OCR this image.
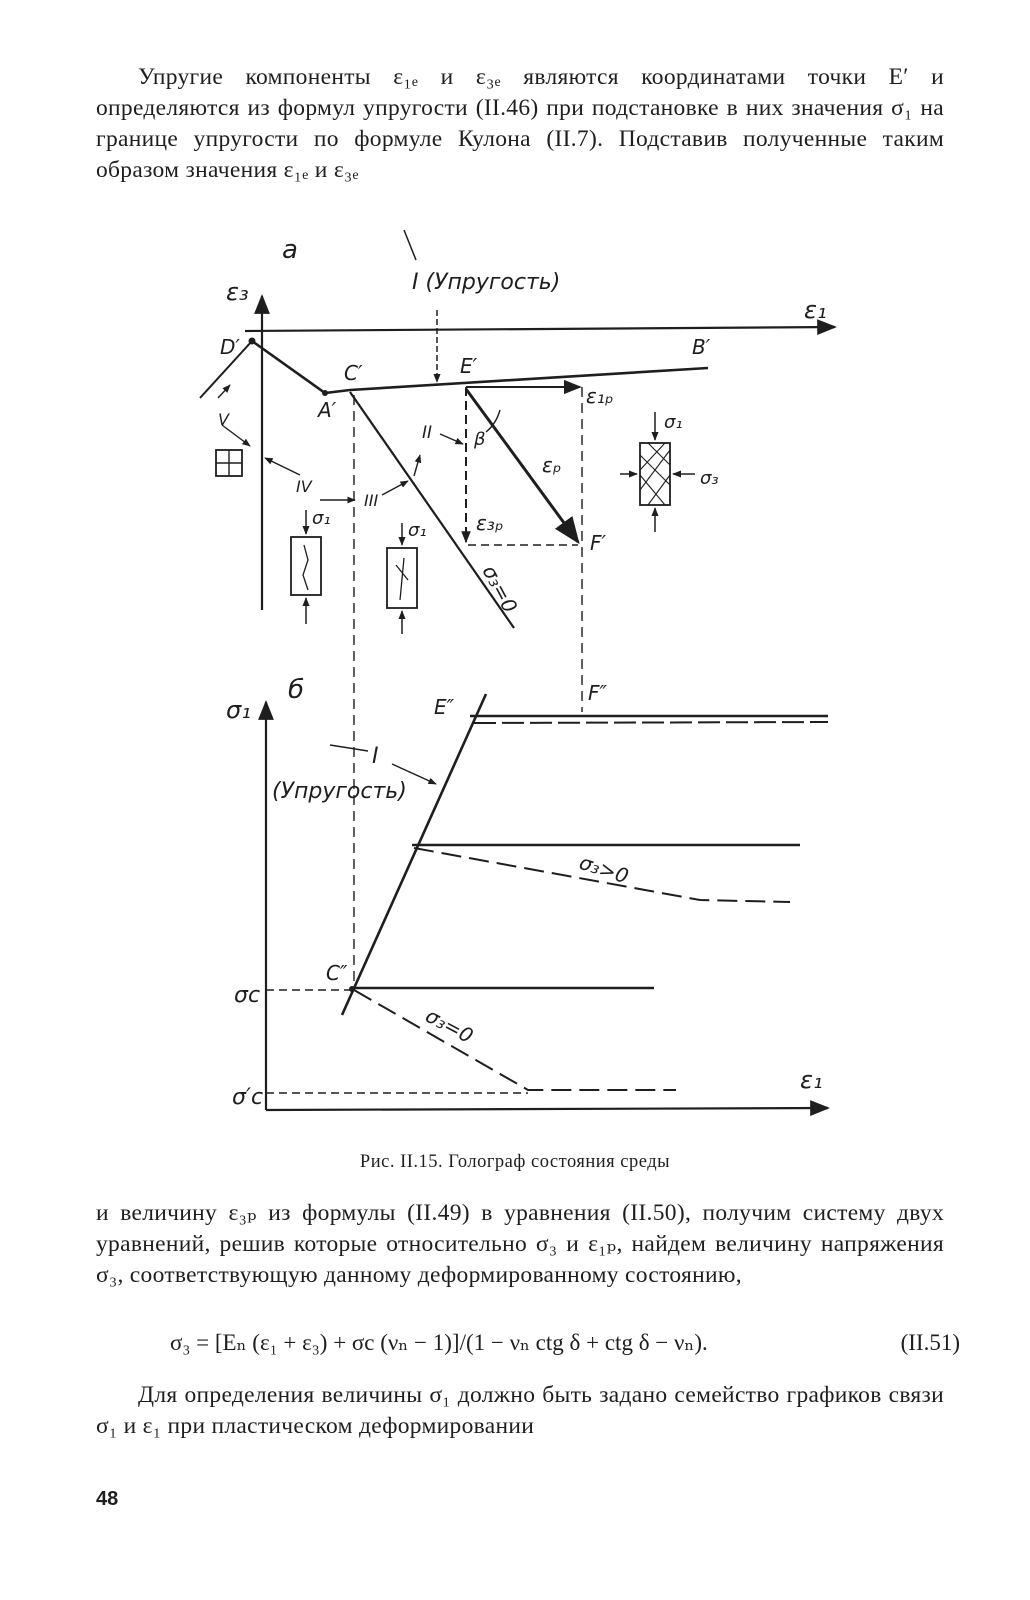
Упругие компоненты ε₁ₑ и ε₃ₑ являются координатами точки E′ и определяются из формул упругости (II.46) при подстановке в них значения σ₁ на границе упругости по формуле Кулона (II.7). Подставив полученные таким образом значения ε₁ₑ и ε₃ₑ

а
ε₃
ε₁
I (Упругость)
D′
C′
A′
E′
B′
ε₁ₚ
β
II
εₚ
ε₃ₚ
F′
V
IV
III
σ₁
σ₁
σ₁
σ₃
σ₃=0
б
σ₁
ε₁
E″
F″
I
(Упругость)
σ₃>0
C″
σc
σ₃=0
σ′c
Рис. II.15. Голограф состояния среды

и величину ε₃ₚ из формулы (II.49) в уравнения (II.50), получим систему двух уравнений, решив которые относительно σ₃ и ε₁ₚ, найдем величину напряжения σ₃, соответствующую данному деформированному состоянию,

σ₃ = [Eₙ (ε₁ + ε₃) + σc (νₙ − 1)]/(1 − νₙ ctg δ + ctg δ − νₙ).	(II.51)

Для определения величины σ₁ должно быть задано семейство графиков связи σ₁ и ε₁ при пластическом деформировании

48
